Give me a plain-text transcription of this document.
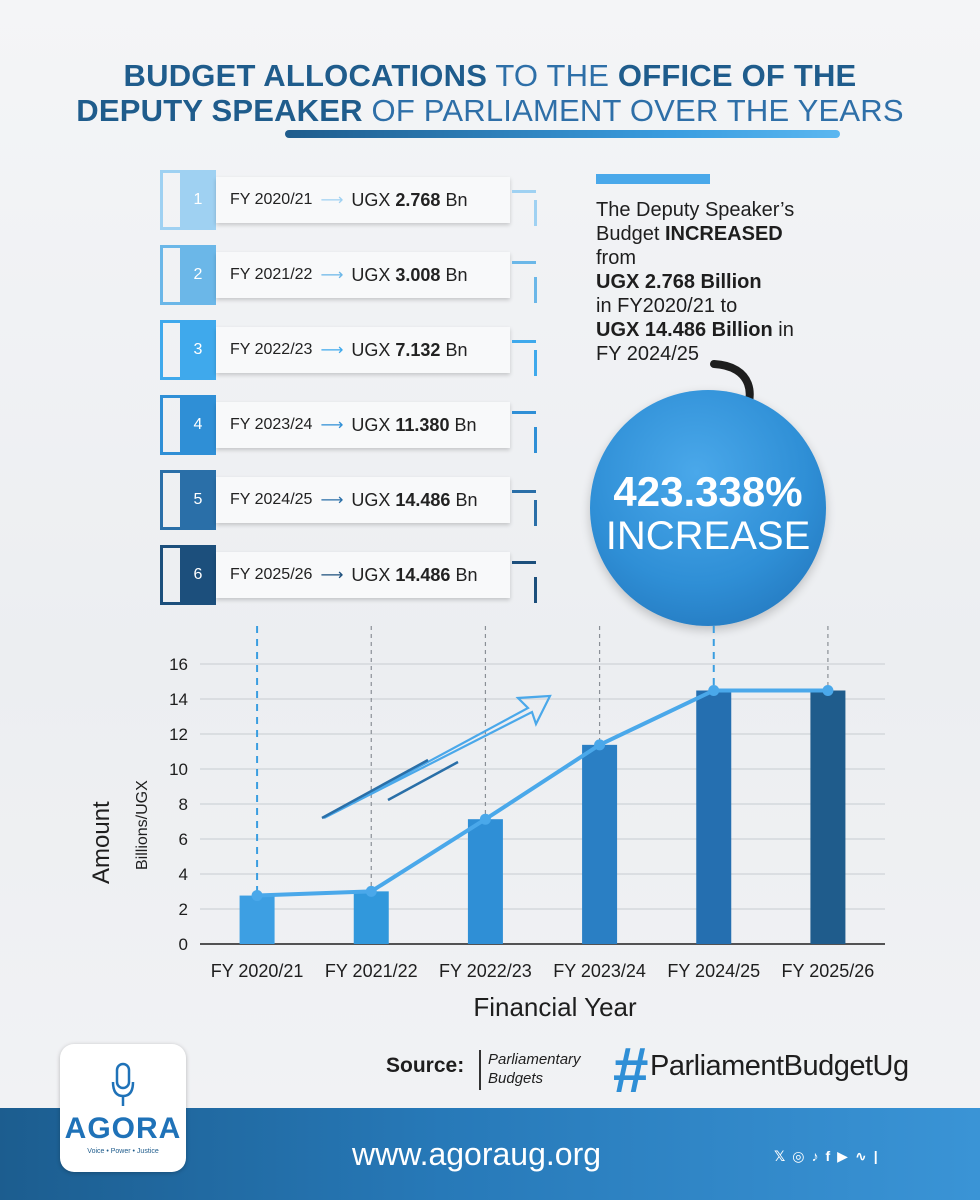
BUDGET ALLOCATIONS TO THE OFFICE OF THE
DEPUTY SPEAKER OF PARLIAMENT OVER THE YEARS
1	FY 2020/21 ⟶ UGX 2.768 Bn
2	FY 2021/22 ⟶ UGX 3.008 Bn
3	FY 2022/23 ⟶ UGX 7.132 Bn
4	FY 2023/24 ⟶ UGX 11.380 Bn
5	FY 2024/25 ⟶ UGX 14.486 Bn
6	FY 2025/26 ⟶ UGX 14.486 Bn
The Deputy Speaker’s
Budget INCREASED
from
UGX 2.768 Billion
in FY2020/21 to
UGX 14.486 Billion in
FY 2024/25
423.338%
INCREASE
0
2
4
6
8
10
12
14
16
FY 2020/21 FY 2021/22 FY 2022/23 FY 2023/24 FY 2024/25 FY 2025/26
Amount Billions/UGX
Financial Year
Source: Parliamentary
Budgets	# ParliamentBudgetUg
www.agoraug.org	𝕏 ◎ ♪ f ▶ ∿ |
AGORA
Voice • Power • Justice
